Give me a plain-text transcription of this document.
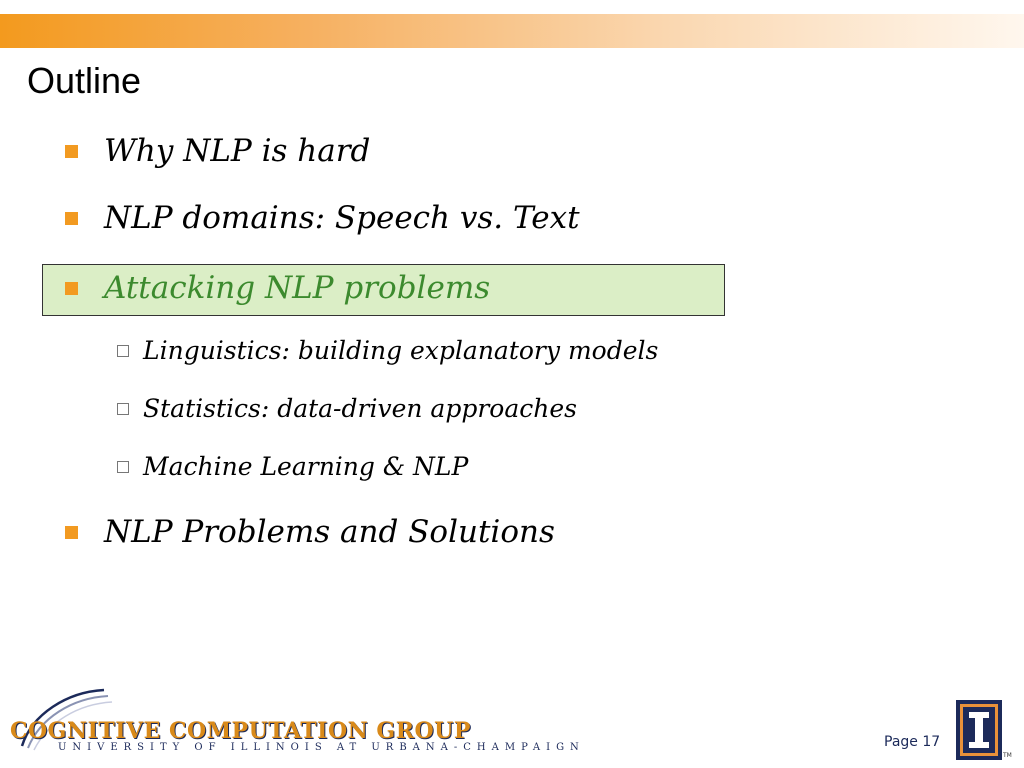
Outline
Why NLP is hard
NLP domains: Speech vs. Text
Attacking NLP problems
Linguistics: building explanatory models
Statistics: data-driven approaches
Machine Learning & NLP
NLP Problems and Solutions
COGNITIVE COMPUTATION GROUP
UNIVERSITY OF ILLINOIS AT URBANA-CHAMPAIGN	Page 17
TM
